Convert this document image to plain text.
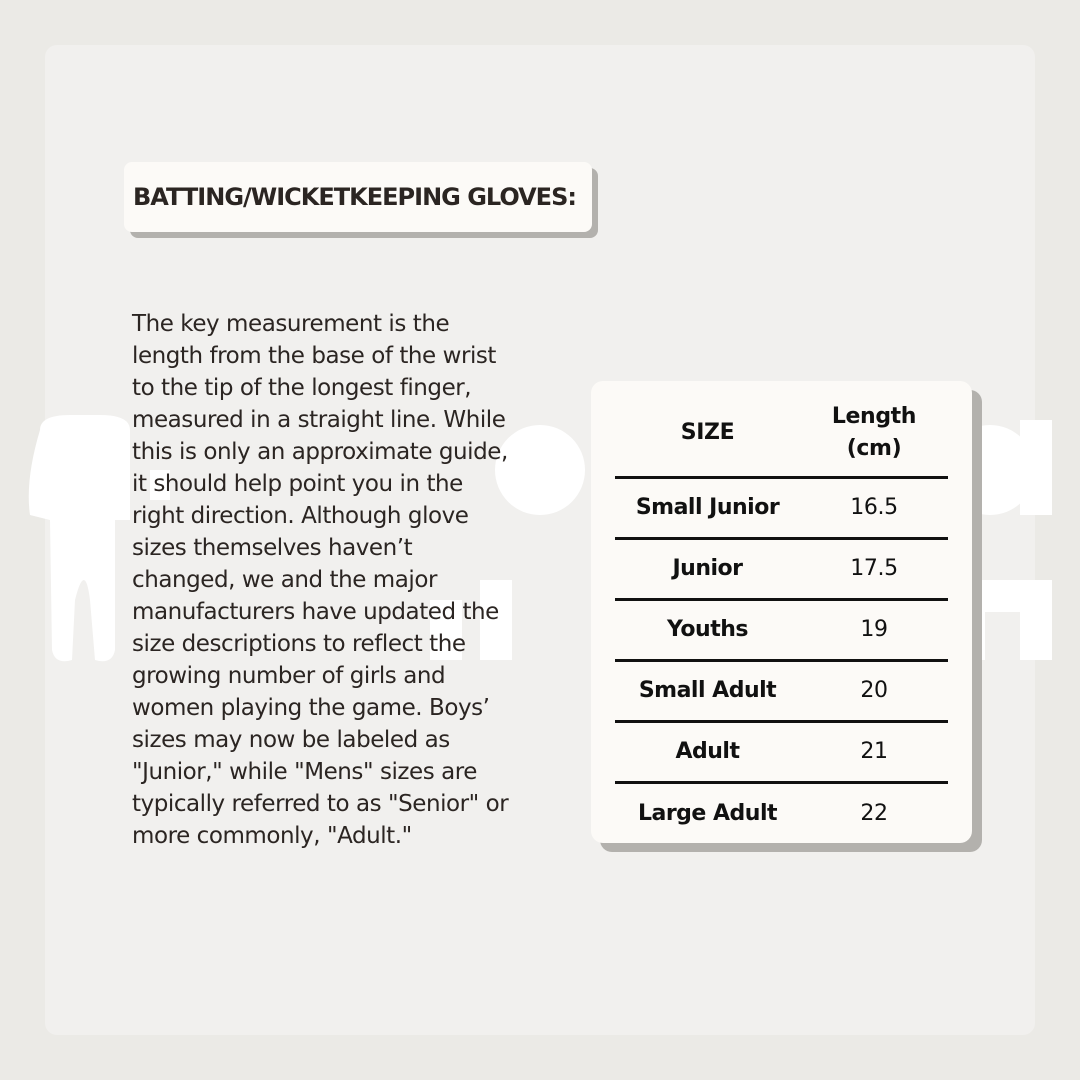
BATTING/WICKETKEEPING GLOVES:

The key measurement is the length from the base of the wrist to the tip of the longest finger, measured in a straight line. While this is only an approximate guide, it should help point you in the right direction. Although glove sizes themselves haven’t changed, we and the major manufacturers have updated the size descriptions to reflect the growing number of girls and women playing the game. Boys’ sizes may now be labeled as "Junior," while "Mens" sizes are typically referred to as "Senior" or more commonly, "Adult."

SIZE	Length
(cm)

Small Junior	16.5
Junior	17.5
Youths	19
Small Adult	20
Adult	21
Large Adult	22
